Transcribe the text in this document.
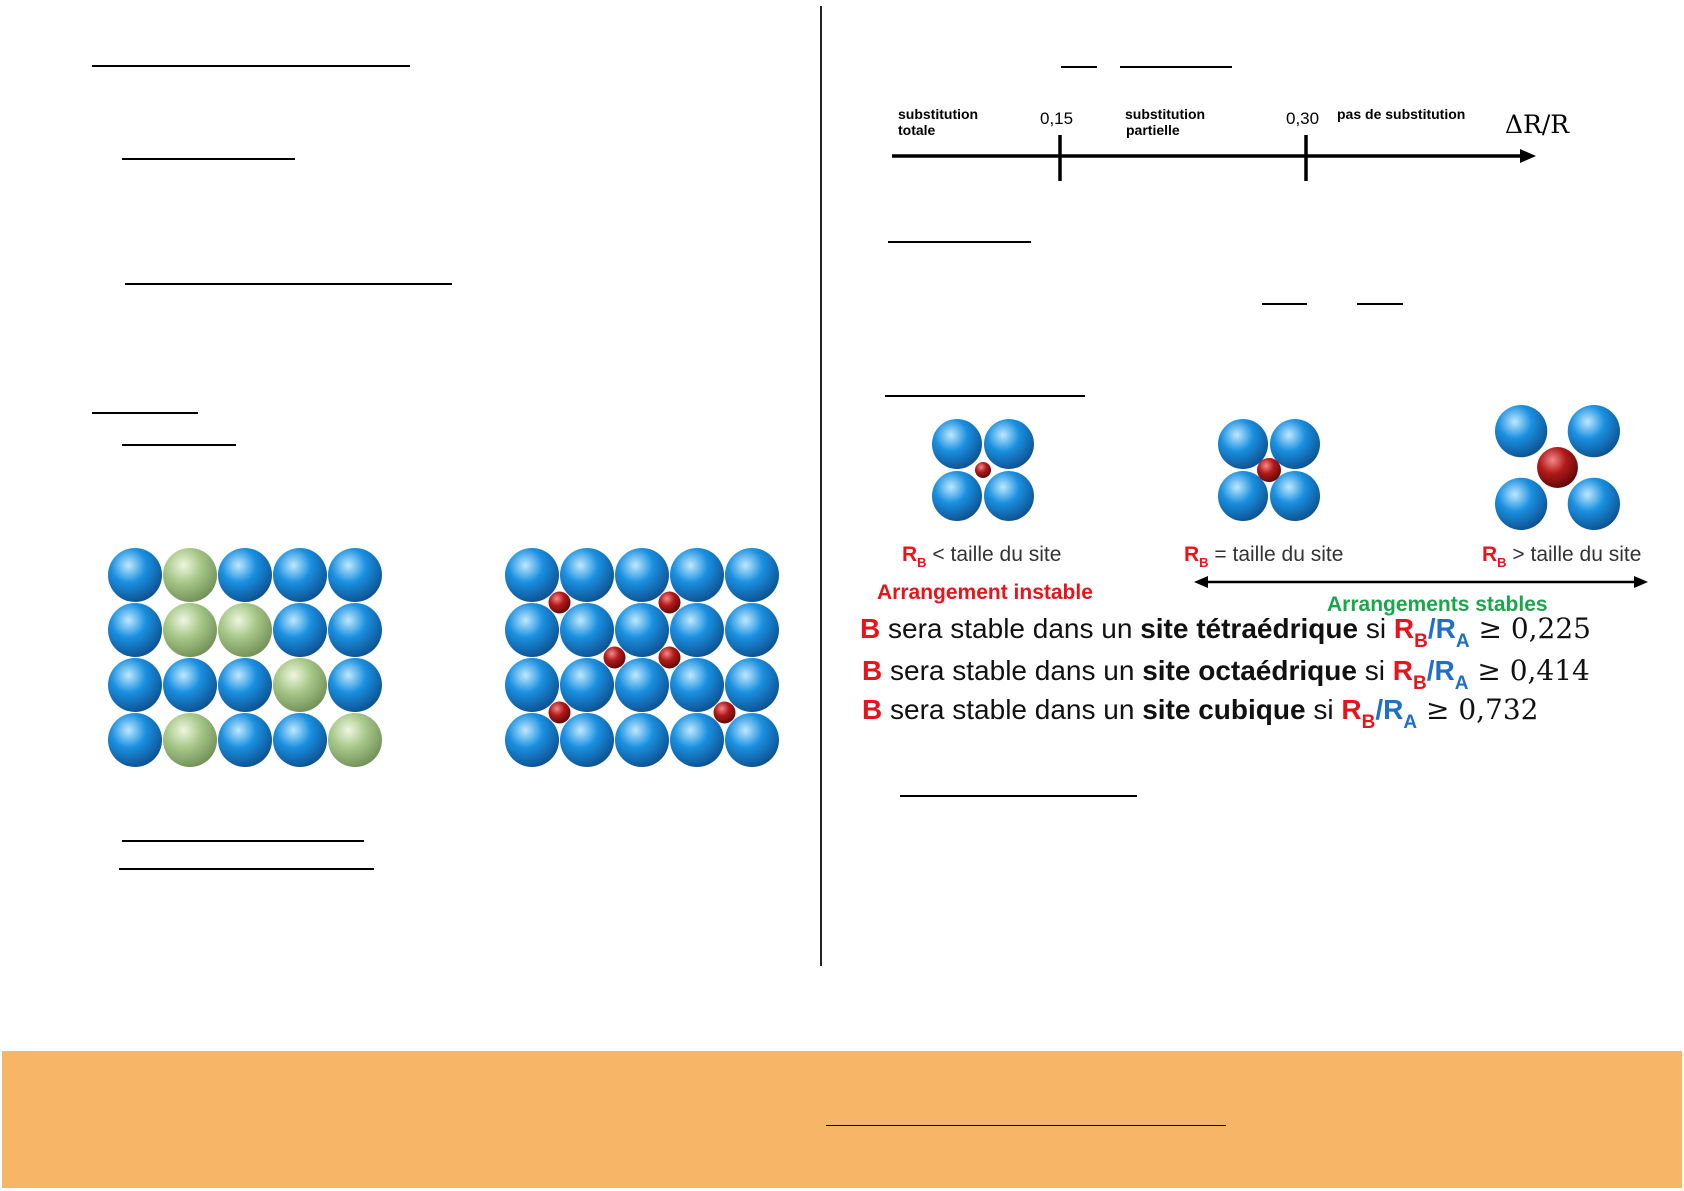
0,15	0,30
substitution
totale
substitution
partielle
pas de substitution ΔR/R
$R_B$ < taille du site	$R_B$ = taille du site	$R_B$ > taille du site
Arrangement instable
Arrangements stables
B sera stable dans un site tétraédrique si $R_B/R_A \ge 0,225$
B sera stable dans un site octaédrique si $R_B/R_A \ge 0,414$
B sera stable dans un site cubique si $R_B/R_A \ge 0,732$
